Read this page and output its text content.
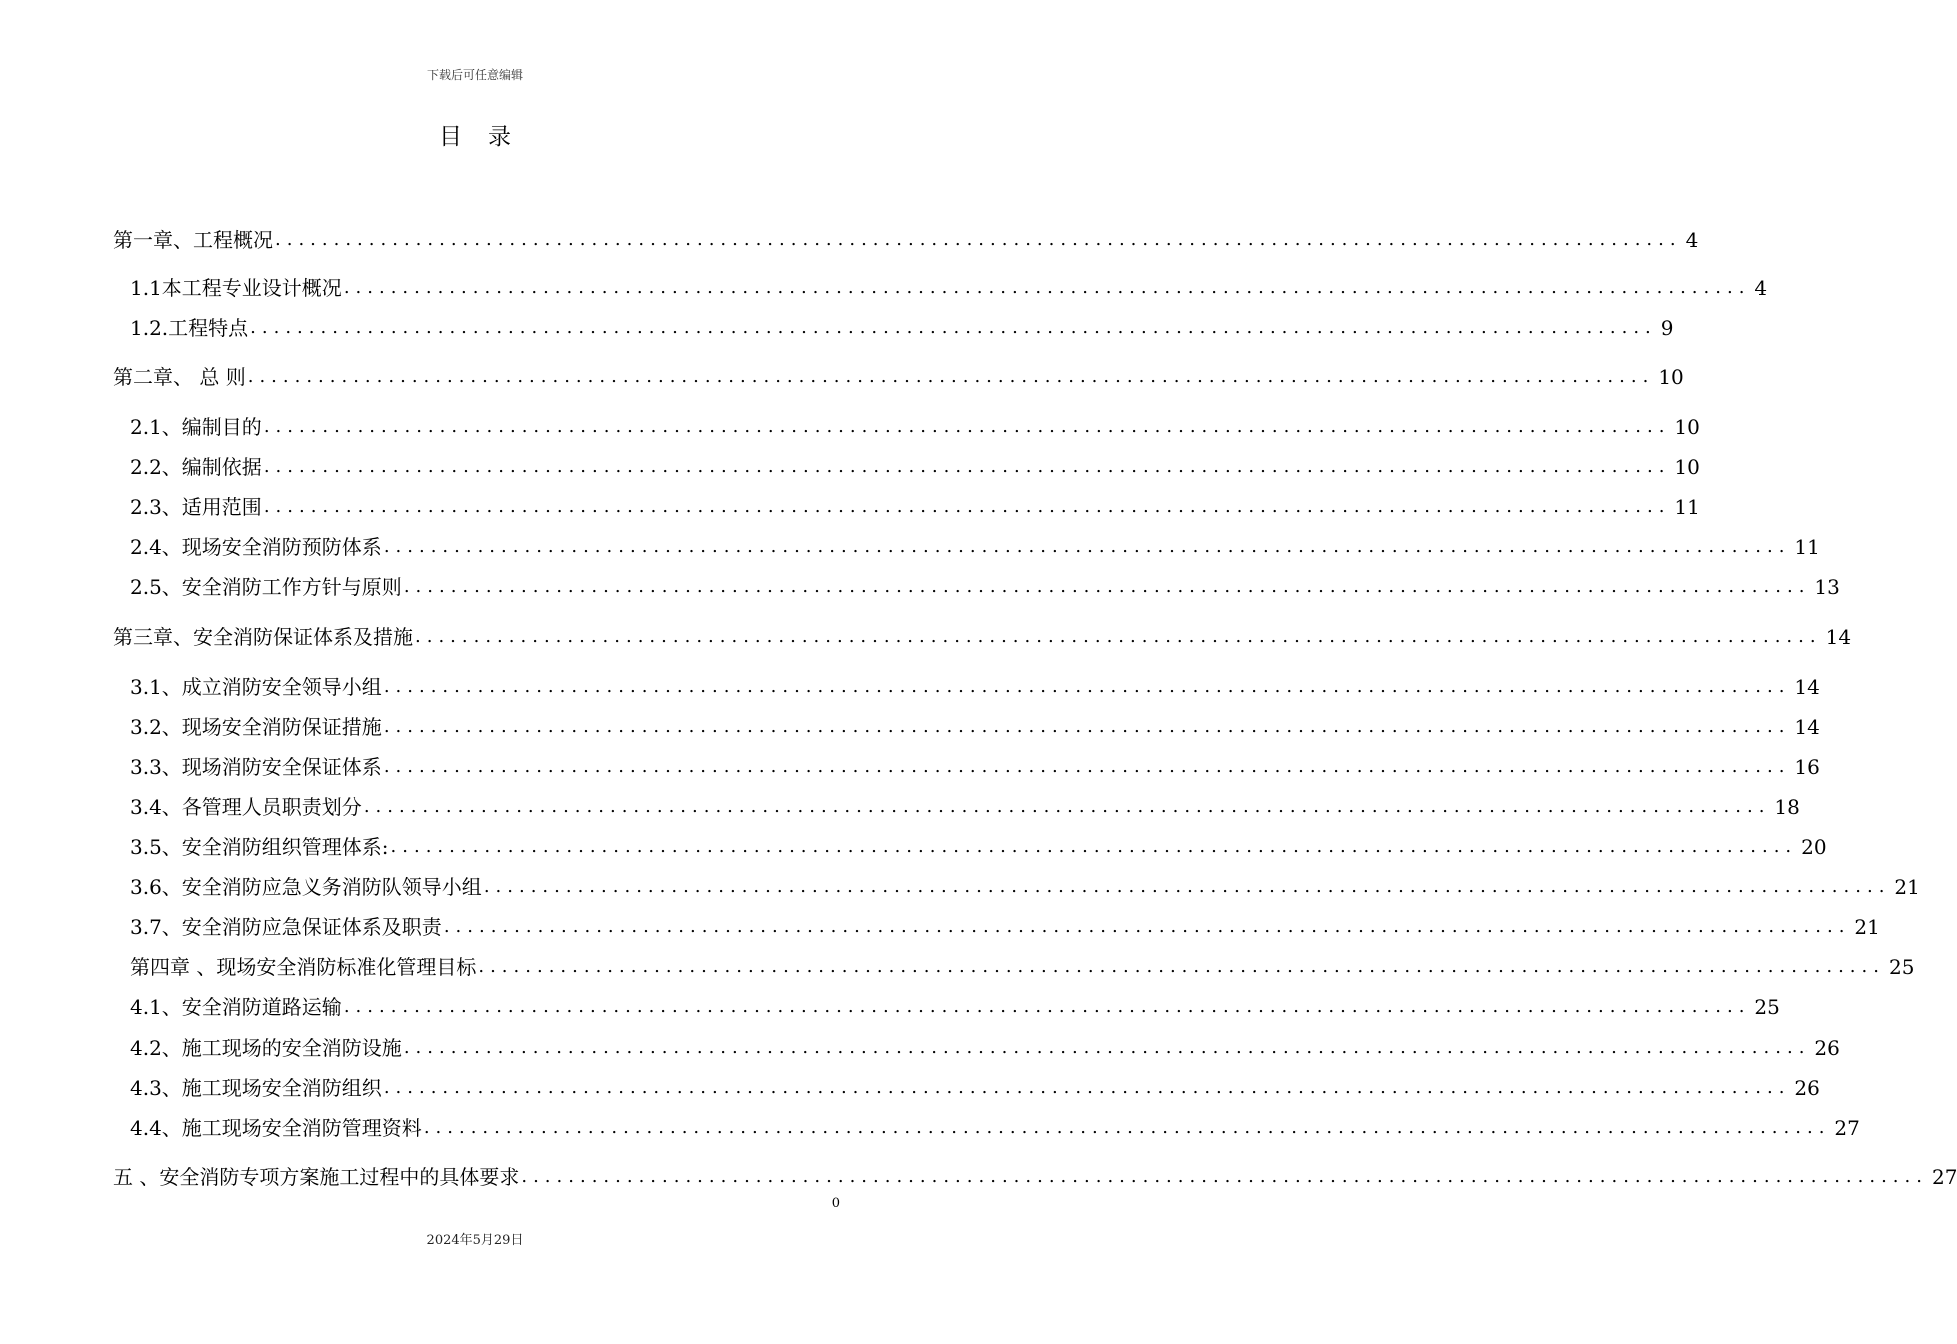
下载后可任意编辑
目录
第一章、工程概况 ........................................................................................................................ 4
1.1本工程专业设计概况 ........................................................................................................................ 4
1.2.工程特点 ........................................................................................................................ 9
第二章、 总 则 ........................................................................................................................ 10
2.1、编制目的 ........................................................................................................................ 10
2.2、编制依据 ........................................................................................................................ 10
2.3、适用范围 ........................................................................................................................ 11
2.4、现场安全消防预防体系 ........................................................................................................................ 11
2.5、安全消防工作方针与原则 ........................................................................................................................ 13
第三章、安全消防保证体系及措施 ........................................................................................................................ 14
3.1、成立消防安全领导小组 ........................................................................................................................ 14
3.2、现场安全消防保证措施 ........................................................................................................................ 14
3.3、现场消防安全保证体系 ........................................................................................................................ 16
3.4、各管理人员职责划分 ........................................................................................................................ 18
3.5、安全消防组织管理体系: ........................................................................................................................ 20
3.6、安全消防应急义务消防队领导小组 ........................................................................................................................ 21
3.7、安全消防应急保证体系及职责 ........................................................................................................................ 21
第四章 、现场安全消防标准化管理目标 ........................................................................................................................ 25
4.1、安全消防道路运输 ........................................................................................................................ 25
4.2、施工现场的安全消防设施 ........................................................................................................................ 26
4.3、施工现场安全消防组织 ........................................................................................................................ 26
4.4、施工现场安全消防管理资料 ........................................................................................................................ 27
五 、安全消防专项方案施工过程中的具体要求 ........................................................................................................................ 27
0
2024年5月29日
